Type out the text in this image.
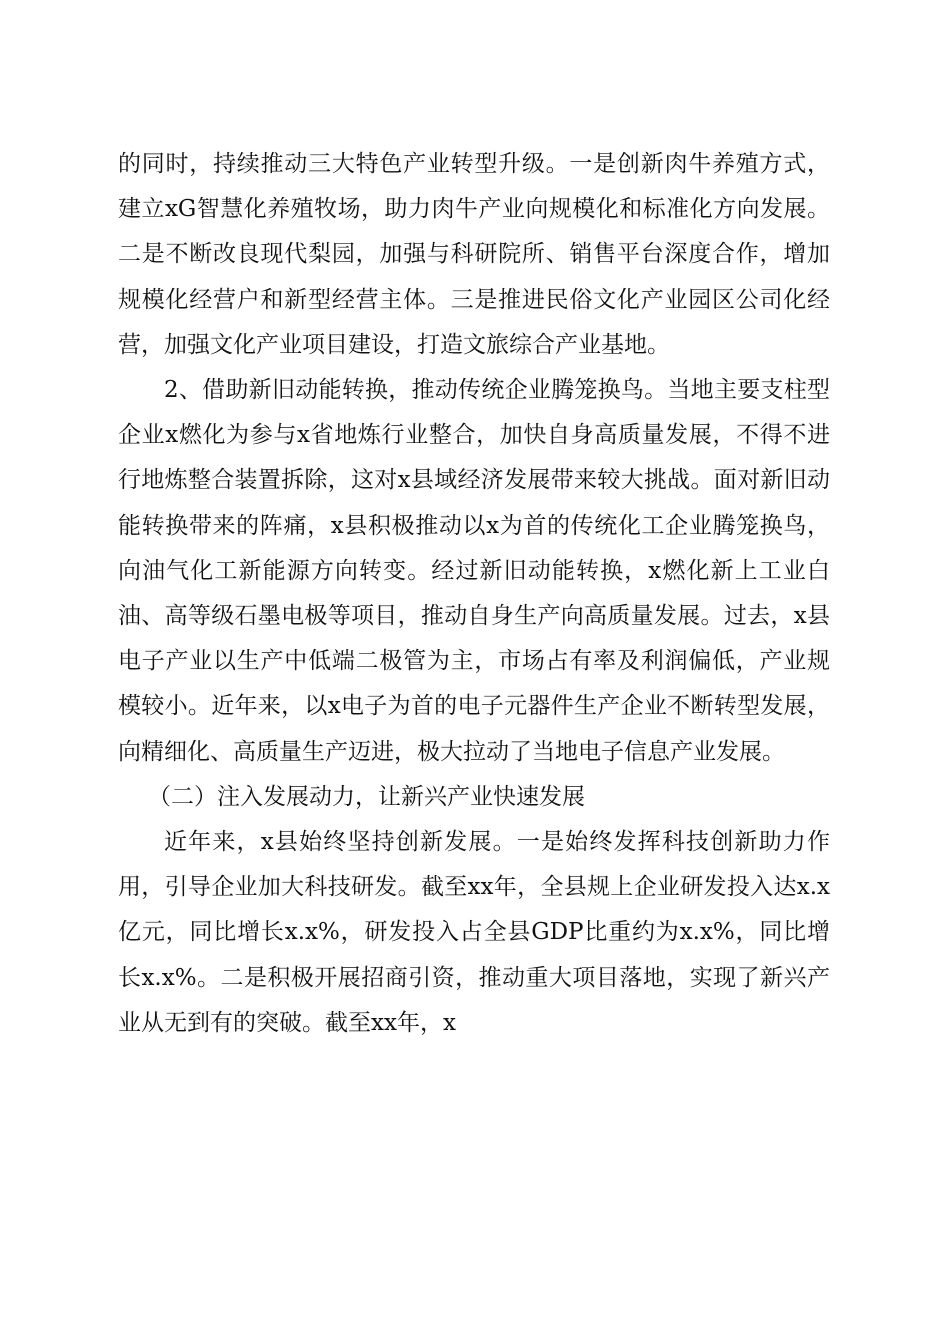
的同时，持续推动三大特色产业转型升级。一是创新肉牛养殖方式，建立xG智慧化养殖牧场，助力肉牛产业向规模化和标准化方向发展。二是不断改良现代梨园，加强与科研院所、销售平台深度合作，增加规模化经营户和新型经营主体。三是推进民俗文化产业园区公司化经营，加强文化产业项目建设，打造文旅综合产业基地。

2、借助新旧动能转换，推动传统企业腾笼换鸟。当地主要支柱型企业x燃化为参与x省地炼行业整合，加快自身高质量发展，不得不进行地炼整合装置拆除，这对x县域经济发展带来较大挑战。面对新旧动能转换带来的阵痛，x县积极推动以x为首的传统化工企业腾笼换鸟，向油气化工新能源方向转变。经过新旧动能转换，x燃化新上工业白油、高等级石墨电极等项目，推动自身生产向高质量发展。过去，x县电子产业以生产中低端二极管为主，市场占有率及利润偏低，产业规模较小。近年来，以x电子为首的电子元器件生产企业不断转型发展，向精细化、高质量生产迈进，极大拉动了当地电子信息产业发展。

（二）注入发展动力，让新兴产业快速发展

近年来，x县始终坚持创新发展。一是始终发挥科技创新助力作用，引导企业加大科技研发。截至xx年，全县规上企业研发投入达x.x亿元，同比增长x.x%，研发投入占全县GDP比重约为x.x%，同比增长x.x%。二是积极开展招商引资，推动重大项目落地，实现了新兴产业从无到有的突破。截至xx年，x
